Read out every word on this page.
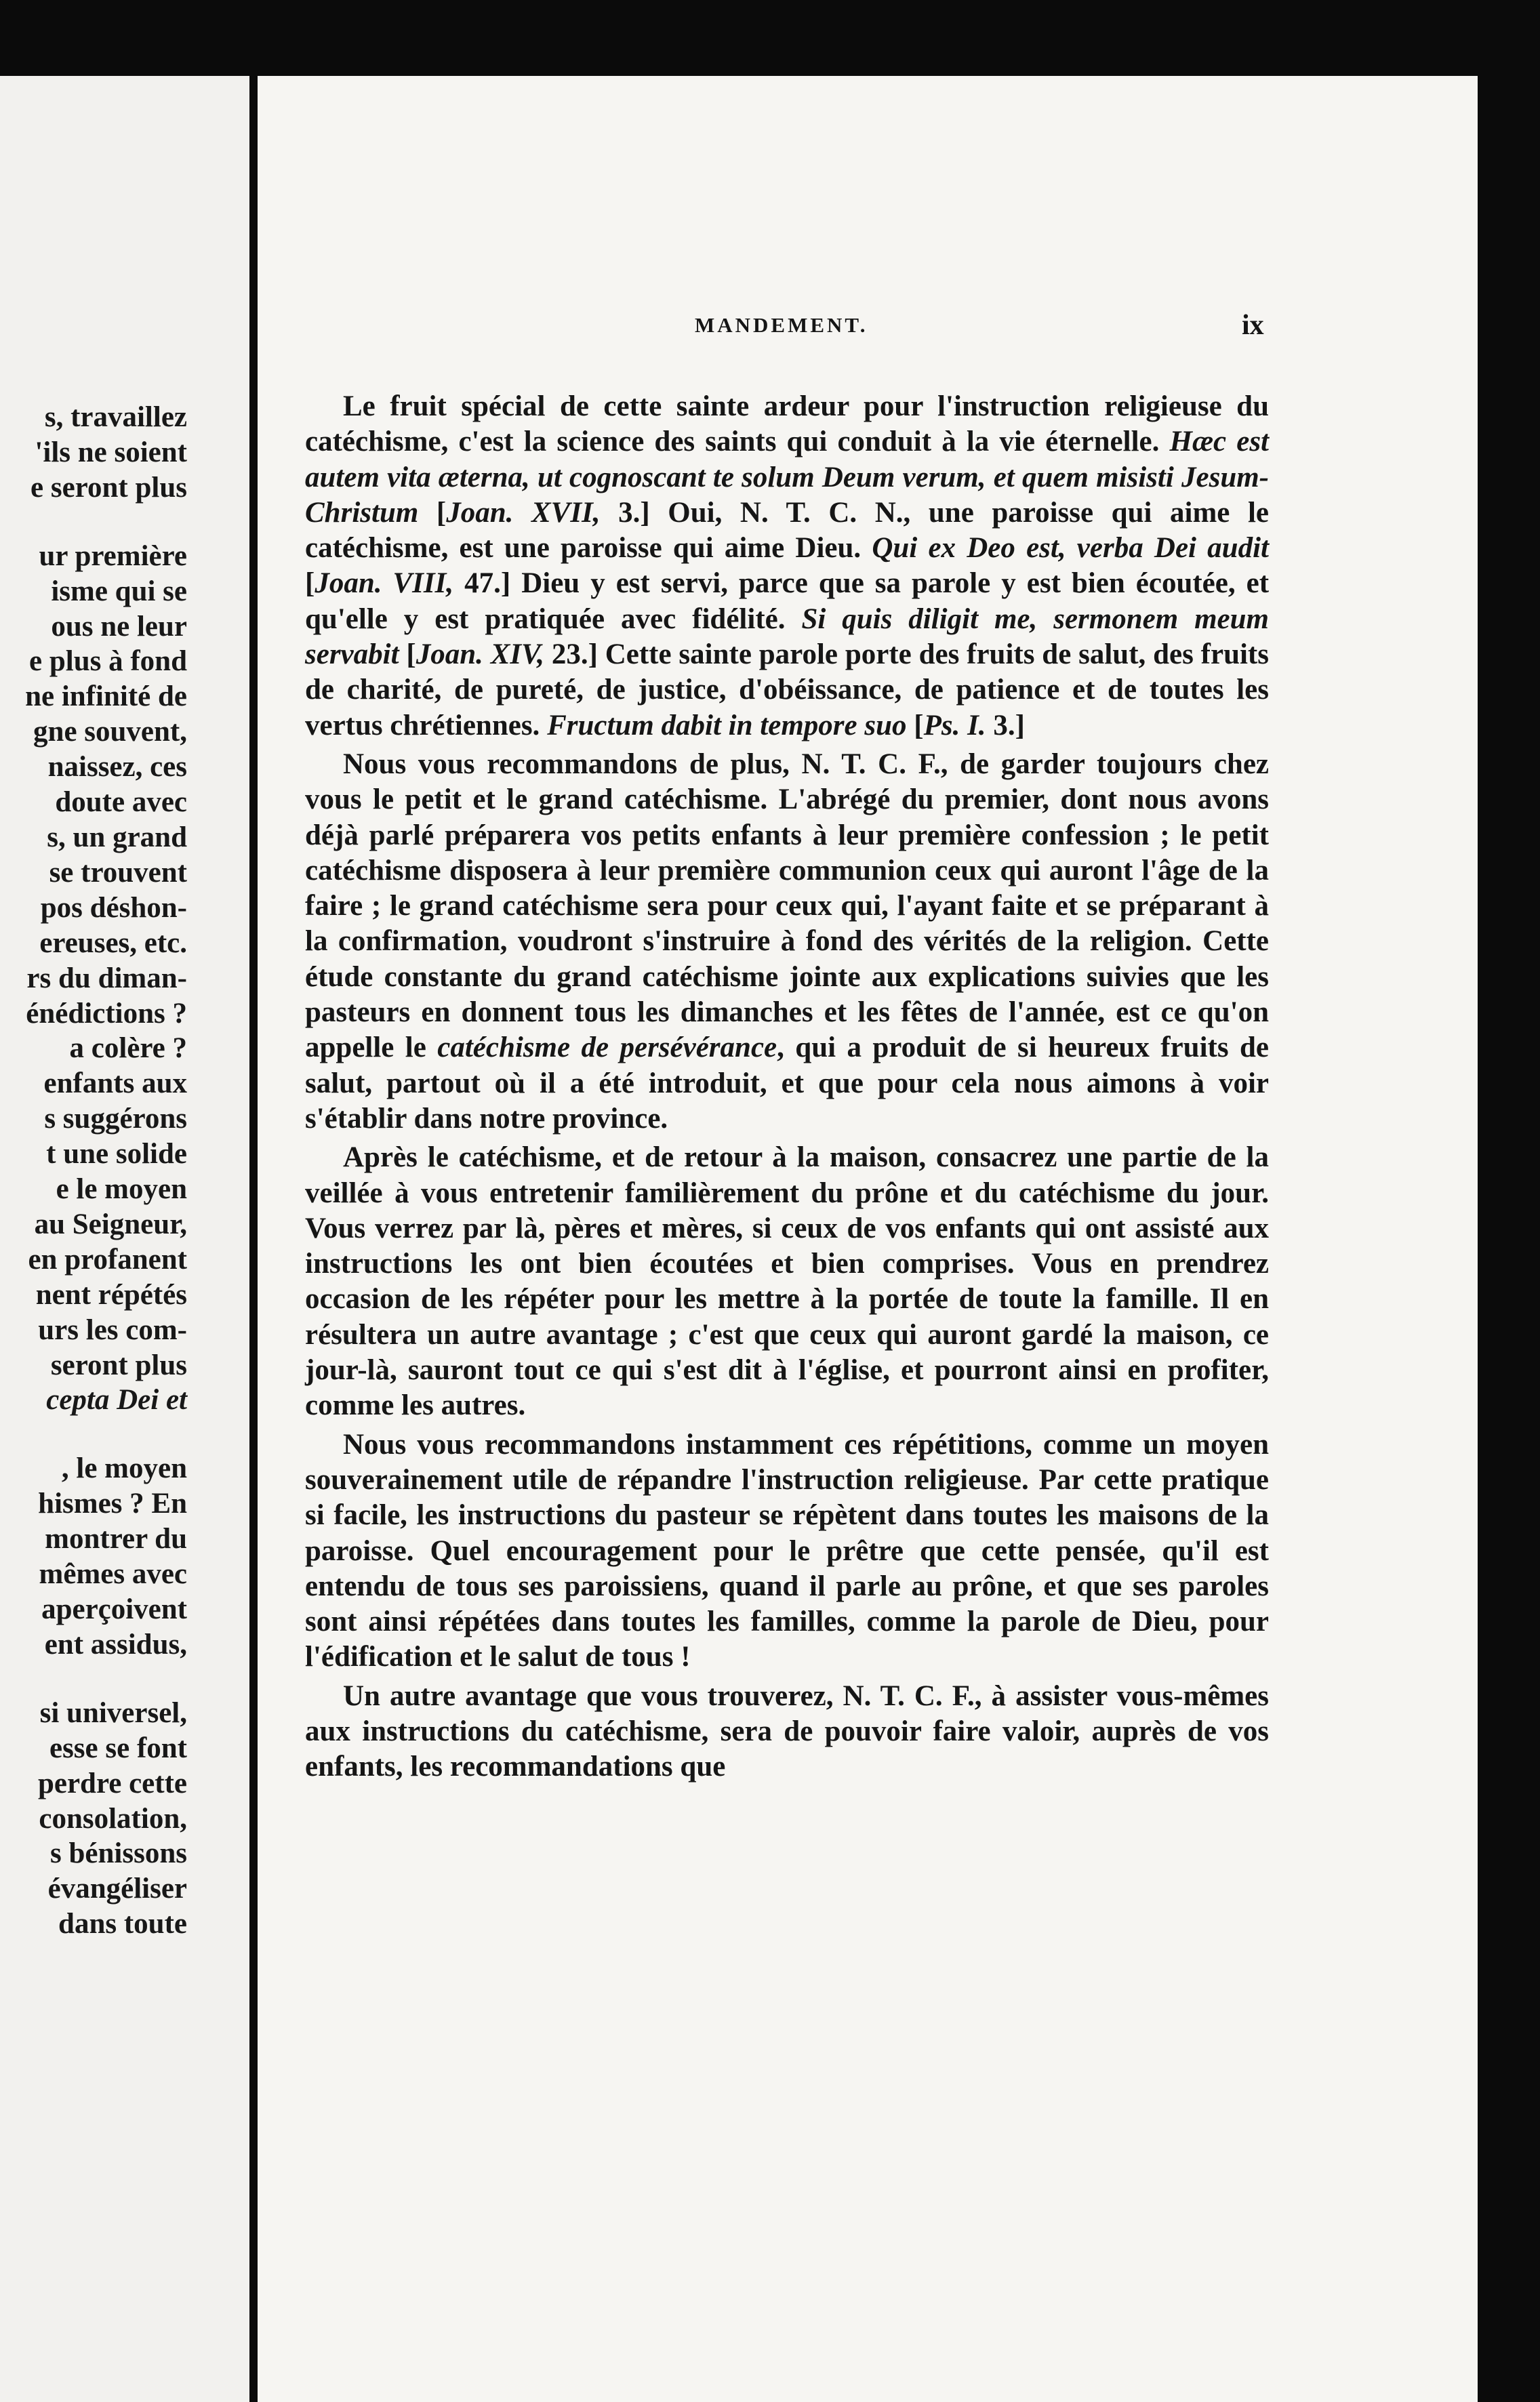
s, travaillez
'ils ne soient
e seront plus
ur première
isme qui se
ous ne leur
e plus à fond
ne infinité de
gne souvent,
naissez, ces
doute avec
s, un grand
se trouvent
pos déshon-
ereuses, etc.
rs du diman-
énédictions ?
a colère ?
enfants aux
s suggérons
t une solide
e le moyen
au Seigneur,
en profanent
nent répétés
urs les com-
seront plus
cepta Dei et
, le moyen
hismes ? En
montrer du
mêmes avec
aperçoivent
ent assidus,
si universel,
esse se font
perdre cette
consolation,
s bénissons
évangéliser
dans toute
MANDEMENT.	ix

Le fruit spécial de cette sainte ardeur pour l'instruction religieuse du catéchisme, c'est la science des saints qui conduit à la vie éternelle. Hæc est autem vita æterna, ut cognoscant te solum Deum verum, et quem misisti Jesum-Christum [Joan. XVII, 3.] Oui, N. T. C. N., une paroisse qui aime le catéchisme, est une paroisse qui aime Dieu. Qui ex Deo est, verba Dei audit [Joan. VIII, 47.] Dieu y est servi, parce que sa parole y est bien écoutée, et qu'elle y est pratiquée avec fidélité. Si quis diligit me, sermonem meum servabit [Joan. XIV, 23.] Cette sainte parole porte des fruits de salut, des fruits de charité, de pureté, de justice, d'obéissance, de patience et de toutes les vertus chrétiennes. Fructum dabit in tempore suo [Ps. I. 3.]

Nous vous recommandons de plus, N. T. C. F., de garder toujours chez vous le petit et le grand catéchisme. L'abrégé du premier, dont nous avons déjà parlé préparera vos petits enfants à leur première confession ; le petit catéchisme disposera à leur première communion ceux qui auront l'âge de la faire ; le grand catéchisme sera pour ceux qui, l'ayant faite et se préparant à la confirmation, voudront s'instruire à fond des vérités de la religion. Cette étude constante du grand catéchisme jointe aux explications suivies que les pasteurs en donnent tous les dimanches et les fêtes de l'année, est ce qu'on appelle le catéchisme de persévérance, qui a produit de si heureux fruits de salut, partout où il a été introduit, et que pour cela nous aimons à voir s'établir dans notre province.

Après le catéchisme, et de retour à la maison, consacrez une partie de la veillée à vous entretenir familièrement du prône et du catéchisme du jour. Vous verrez par là, pères et mères, si ceux de vos enfants qui ont assisté aux instructions les ont bien écoutées et bien comprises. Vous en prendrez occasion de les répéter pour les mettre à la portée de toute la famille. Il en résultera un autre avantage ; c'est que ceux qui auront gardé la maison, ce jour-là, sauront tout ce qui s'est dit à l'église, et pourront ainsi en profiter, comme les autres.

Nous vous recommandons instamment ces répétitions, comme un moyen souverainement utile de répandre l'instruction religieuse. Par cette pratique si facile, les instructions du pasteur se répètent dans toutes les maisons de la paroisse. Quel encouragement pour le prêtre que cette pensée, qu'il est entendu de tous ses paroissiens, quand il parle au prône, et que ses paroles sont ainsi répétées dans toutes les familles, comme la parole de Dieu, pour l'édification et le salut de tous !

Un autre avantage que vous trouverez, N. T. C. F., à assister vous-mêmes aux instructions du catéchisme, sera de pouvoir faire valoir, auprès de vos enfants, les recommandations que
